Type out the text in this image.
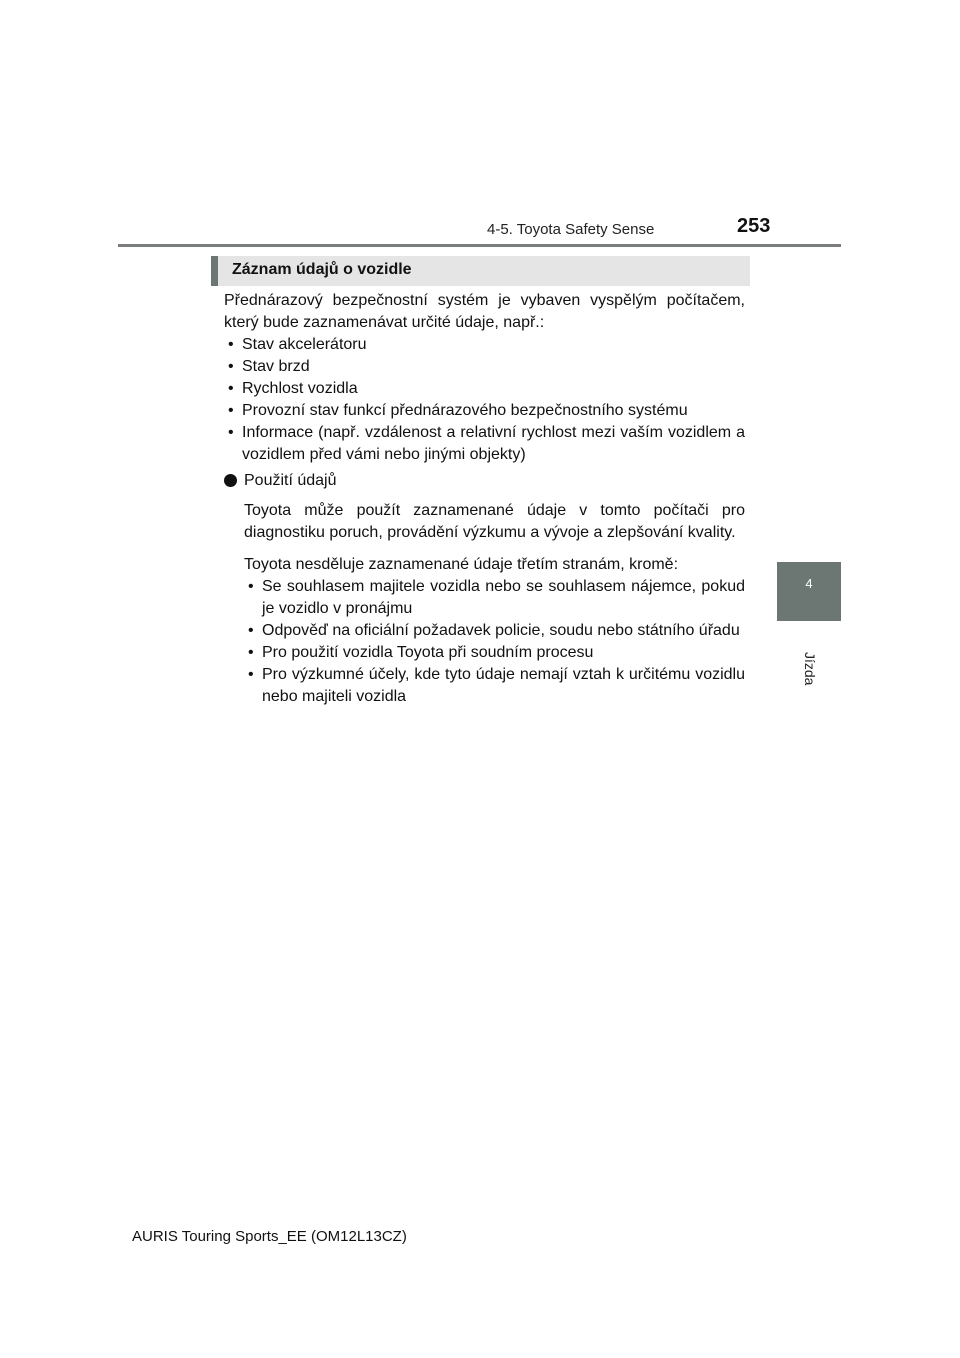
4-5. Toyota Safety Sense	253
4
Jízda
Záznam údajů o vozidle
Přednárazový bezpečnostní systém je vybaven vyspělým počítačem, který bude zaznamenávat určité údaje, např.:
• Stav akcelerátoru
• Stav brzd
• Rychlost vozidla
• Provozní stav funkcí přednárazového bezpečnostního systému
• Informace (např. vzdálenost a relativní rychlost mezi vaším vozidlem a vozidlem před vámi nebo jinými objekty)
Použití údajů
Toyota může použít zaznamenané údaje v tomto počítači pro diagnostiku poruch, provádění výzkumu a vývoje a zlepšování kvality.
Toyota nesděluje zaznamenané údaje třetím stranám, kromě:
• Se souhlasem majitele vozidla nebo se souhlasem nájemce, pokud je vozidlo v pronájmu
• Odpověď na oficiální požadavek policie, soudu nebo státního úřadu
• Pro použití vozidla Toyota při soudním procesu
• Pro výzkumné účely, kde tyto údaje nemají vztah k určitému vozidlu nebo majiteli vozidla
AURIS Touring Sports_EE (OM12L13CZ)
